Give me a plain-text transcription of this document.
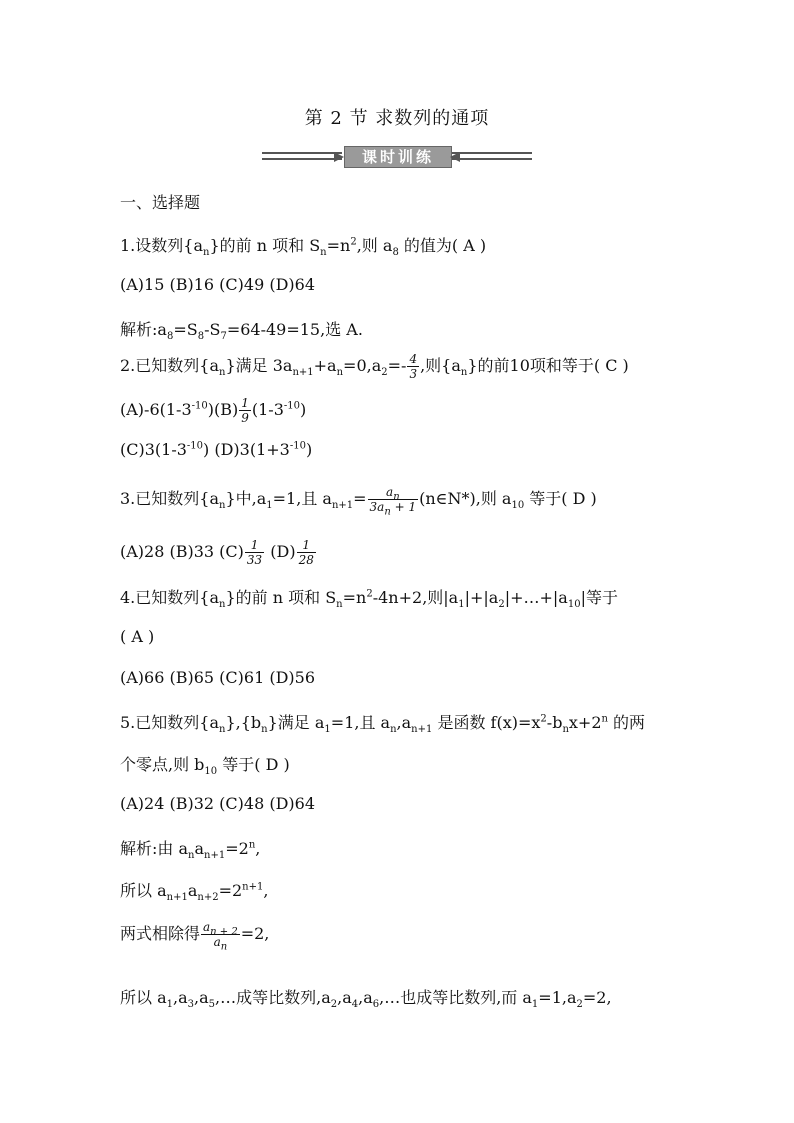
第 2 节 求数列的通项
课时训练
一、选择题
1.设数列$\{a_n\}$的前 n 项和 $S_n=n^2$,则 $a_8$ 的值为( A )
(A)15 (B)16 (C)49 (D)64
解析$:a_8=S_8-S_7=64-49=15$,选 A.
2.已知数列$\{a_n\}$满足 $3a_{n+1}+a_n=0,a_2=- \frac{4}{3}$ ,则$\{a_n\}$的前10项和等于( C )
$(A)-6(1-3^{-10})(B) \frac{1}{9} (1-3^{-10})$
$(C)3(1-3^{-10})$ $(D)3(1+3^{-10})$
3.已知数列$\{a_n\}$中$,a_1=1$,且 $a_{n+1}= \frac{a_n}{3a_n + 1}$ (n∈N*),则 $a_{10}$ 等于( D )
(A)28 (B)33 $(C) \frac{1}{33} (D) \frac{1}{28}$
4.已知数列$\{a_n\}$的前 n 项和 $S_n=n^2-4n+2$,则$|a_1|+|a_2|+\dots+|a_{10}|$等于
( A )
(A)66 (B)65 (C)61 (D)56
5.已知数列$\{a_n\},\{b_n\}$满足 $a_1=1$,且 $a_n,a_{n+1}$ 是函数 $f(x)=x^2-b_nx+2^n$ 的两
个零点,则 $b_{10}$ 等于( D )
(A)24 (B)32 (C)48 (D)64
解析:由 $a_na_{n+1}=2^n$,
所以 $a_{n+1}a_{n+2}=2^{n+1}$,
两式相除得 $\frac{a_{n + 2}}{a_n} =2$,
所以 $a_1,a_3,a_5,\dots$成等比数列$,a_2,a_4,a_6,\dots$也成等比数列,而 $a_1=1,a_2=2$,
